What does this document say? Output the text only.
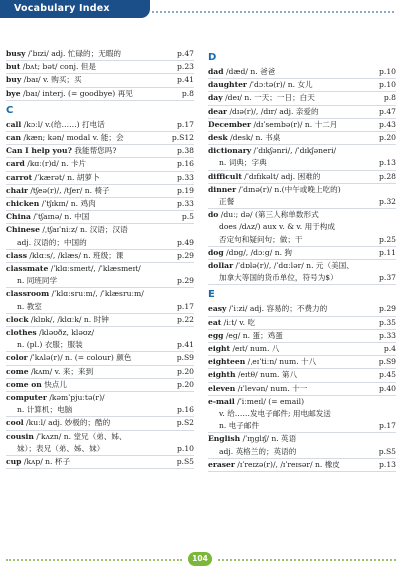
Vocabulary Index
busy /ˈbɪzi/ adj. 忙碌的；无暇的	p.47
but /bʌt; bət/ conj. 但是	p.23
buy /baɪ/ v. 购买；买	p.41
bye /baɪ/ interj. (= goodbye) 再见	p.8
C
call /kɔːl/ v.(给……) 打电话	p.17
can /kæn; kən/ modal v. 能；会	p.S12
Can I help you? 我能帮您吗?	p.38
card /kɑː(r)d/ n. 卡片	p.16
carrot /ˈkærət/ n. 胡萝卜	p.33
chair /tʃeə(r)/, /tʃer/ n. 椅子	p.19
chicken /ˈtʃɪkɪn/ n. 鸡肉	p.33
China /ˈtʃaɪnə/ n. 中国	p.5
Chinese /ˌtʃaɪˈniːz/ n. 汉语；汉语
adj. 汉语的；中国的	p.49
class /klɑːs/, /klæs/ n. 班级；课	p.29
classmate /ˈklɑːsmeɪt/, /ˈklæsmeɪt/
n. 同班同学	p.29
classroom /ˈklɑːsruːm/, /ˈklæsruːm/
n. 教室	p.17
clock /klɒk/, /klɑːk/ n. 时钟	p.22
clothes /kləʊðz, kləʊz/
n. (pl.) 衣服；服装	p.41
color /ˈkʌlə(r)/ n. (= colour) 颜色	p.S9
come /kʌm/ v. 来；来到	p.20
come on 快点儿	p.20
computer /kəmˈpjuːtə(r)/
n. 计算机；电脑	p.16
cool /kuːl/ adj. 妙极的；酷的	p.S2
cousin /ˈkʌzn/ n. 堂兄（弟、姊、
妹）；表兄（弟、姊、妹）	p.10
cup /kʌp/ n. 杯子	p.S5
D
dad /dæd/ n. 爸爸	p.10
daughter /ˈdɔːtə(r)/ n. 女儿	p.10
day /deɪ/ n. 一天；一日；白天	p.8
dear /dɪə(r)/, /dɪr/ adj. 亲爱的	p.47
December /dɪˈsembə(r)/ n. 十二月	p.43
desk /desk/ n. 书桌	p.20
dictionary /ˈdɪkʃənri/, /ˈdɪkʃəneri/
n. 词典；字典	p.13
difficult /ˈdɪfɪkəlt/ adj. 困难的	p.28
dinner /ˈdɪnə(r)/ n.(中午或晚上吃的)
正餐	p.32
do /duː; də/ (第三人称单数形式
does /dʌz/) aux v. & v. 用于构成
否定句和疑问句；做；干	p.25
dog /dɒg/, /dɔːg/ n. 狗	p.11
dollar /ˈdɒlə(r)/, /ˈdɑːlər/ n. 元（美国、
加拿大等国的货币单位，符号为$）	p.37
E
easy /ˈiːzi/ adj. 容易的；不费力的	p.29
eat /iːt/ v. 吃	p.35
egg /eg/ n. 蛋；鸡蛋	p.33
eight /eɪt/ num. 八	p.4
eighteen /ˌeɪˈtiːn/ num. 十八	p.S9
eighth /eɪtθ/ num. 第八	p.45
eleven /ɪˈlevən/ num. 十一	p.40
e-mail /ˈiːmeɪl/ (= email)
v. 给……发电子邮件; 用电邮发送
n. 电子邮件	p.17
English /ˈɪŋglɪʃ/ n. 英语
adj. 英格兰的；英语的	p.S5
eraser /ɪˈreɪzə(r)/, /ɪˈreɪsər/ n. 橡皮	p.13
104
